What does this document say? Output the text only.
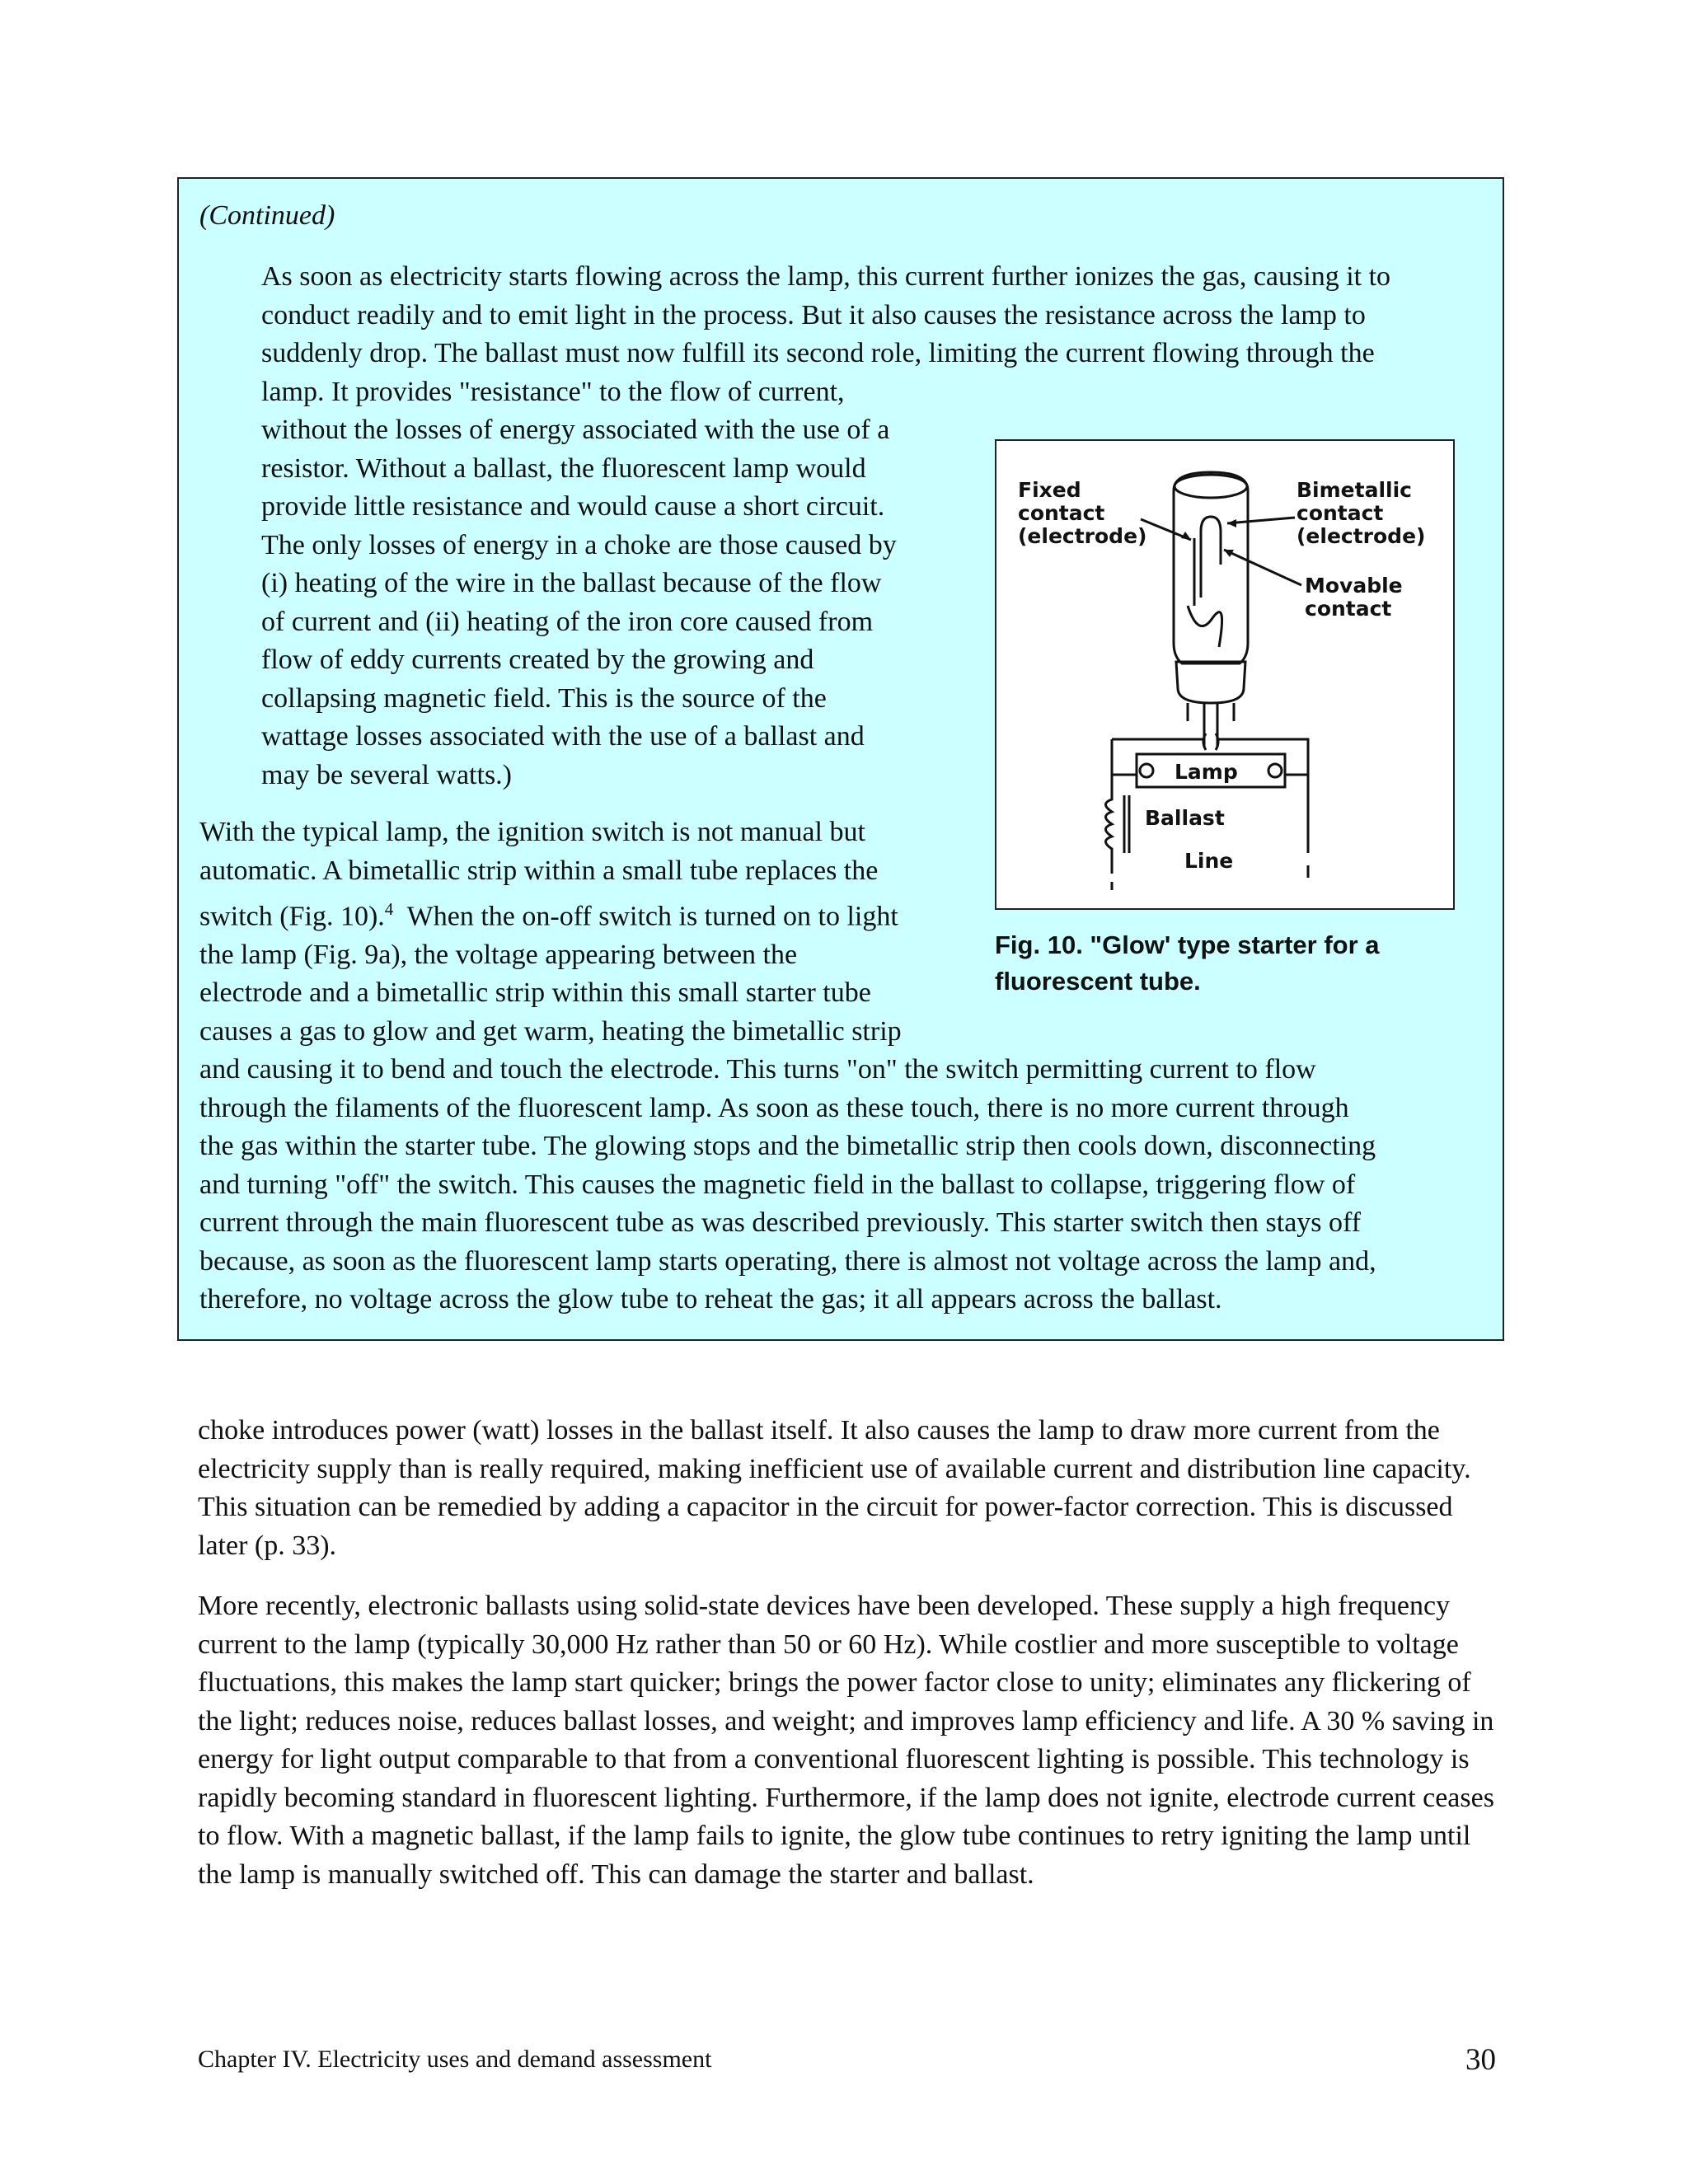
(Continued)

As soon as electricity starts flowing across the lamp, this current further ionizes the gas, causing it to
conduct readily and to emit light in the process. But it also causes the resistance across the lamp to
suddenly drop. The ballast must now fulfill its second role, limiting the current flowing through the
lamp. It provides "resistance" to the flow of current,
without the losses of energy associated with the use of a
resistor. Without a ballast, the fluorescent lamp would
provide little resistance and would cause a short circuit.
The only losses of energy in a choke are those caused by
(i) heating of the wire in the ballast because of the flow
of current and (ii) heating of the iron core caused from
flow of eddy currents created by the growing and
collapsing magnetic field. This is the source of the
wattage losses associated with the use of a ballast and
may be several watts.)

With the typical lamp, the ignition switch is not manual but
automatic. A bimetallic strip within a small tube replaces the
switch (Fig. 10).$^4$  When the on-off switch is turned on to light
the lamp (Fig. 9a), the voltage appearing between the
electrode and a bimetallic strip within this small starter tube
causes a gas to glow and get warm, heating the bimetallic strip
and causing it to bend and touch the electrode. This turns "on" the switch permitting current to flow
through the filaments of the fluorescent lamp. As soon as these touch, there is no more current through
the gas within the starter tube. The glowing stops and the bimetallic strip then cools down, disconnecting
and turning "off" the switch. This causes the magnetic field in the ballast to collapse, triggering flow of
current through the main fluorescent tube as was described previously. This starter switch then stays off
because, as soon as the fluorescent lamp starts operating, there is almost not voltage across the lamp and,
therefore, no voltage across the glow tube to reheat the gas; it all appears across the ballast.

Fixed
contact
(electrode)
Bimetallic
contact
(electrode)
Movable
contact
Lamp
Ballast
Line
Fig. 10. "Glow' type starter for a
fluorescent tube.

choke introduces power (watt) losses in the ballast itself. It also causes the lamp to draw more current from the electricity supply than is really required, making inefficient use of available current and distribution line capacity. This situation can be remedied by adding a capacitor in the circuit for power-factor correction. This is discussed later (p. 33).

More recently, electronic ballasts using solid-state devices have been developed. These supply a high frequency current to the lamp (typically 30,000 Hz rather than 50 or 60 Hz). While costlier and more susceptible to voltage fluctuations, this makes the lamp start quicker; brings the power factor close to unity; eliminates any flickering of the light; reduces noise, reduces ballast losses, and weight; and improves lamp efficiency and life. A 30 % saving in energy for light output comparable to that from a conventional fluorescent lighting is possible. This technology is rapidly becoming standard in fluorescent lighting. Furthermore, if the lamp does not ignite, electrode current ceases to flow. With a magnetic ballast, if the lamp fails to ignite, the glow tube continues to retry igniting the lamp until the lamp is manually switched off. This can damage the starter and ballast.

Chapter IV. Electricity uses and demand assessment	30
